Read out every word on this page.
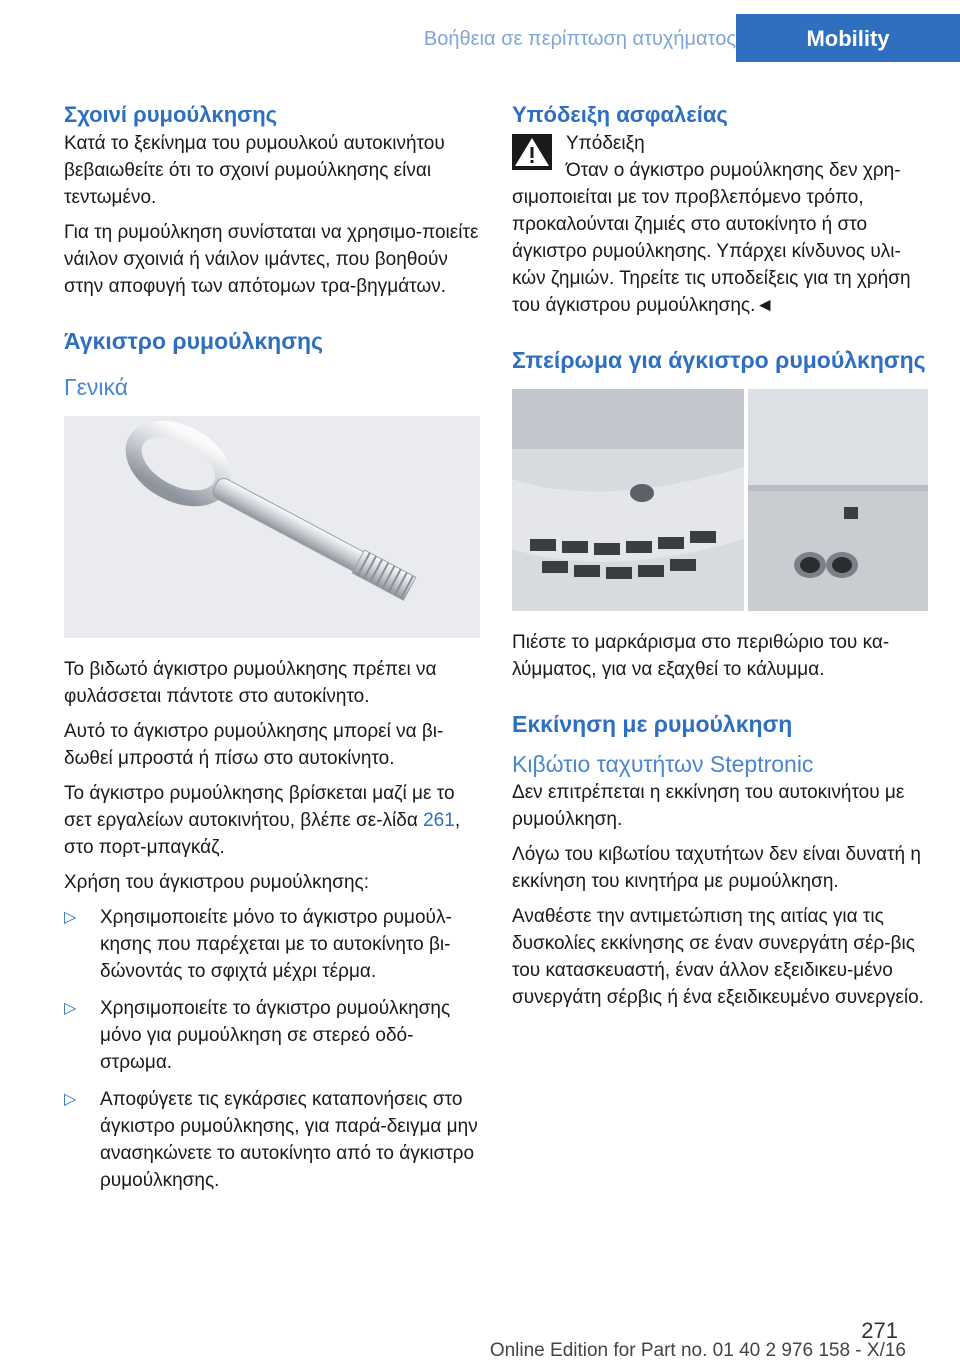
Βοήθεια σε περίπτωση ατυχήματος	Mobility
Σχοινί ρυμούλκησης

Κατά το ξεκίνημα του ρυμουλκού αυτοκινήτου βεβαιωθείτε ότι το σχοινί ρυμούλκησης είναι τεντωμένο.

Για τη ρυμούλκηση συνίσταται να χρησιμο-ποιείτε νάιλον σχοινιά ή νάιλον ιμάντες, που βοηθούν στην αποφυγή των απότομων τρα-βηγμάτων.

Άγκιστρο ρυμούλκησης
Γενικά

Το βιδωτό άγκιστρο ρυμούλκησης πρέπει να φυλάσσεται πάντοτε στο αυτοκίνητο.

Αυτό το άγκιστρο ρυμούλκησης μπορεί να βι-δωθεί μπροστά ή πίσω στο αυτοκίνητο.

Το άγκιστρο ρυμούλκησης βρίσκεται μαζί με το σετ εργαλείων αυτοκινήτου, βλέπε σε-λίδα 261, στο πορτ-μπαγκάζ.

Χρήση του άγκιστρου ρυμούλκησης:

▷ Χρησιμοποιείτε μόνο το άγκιστρο ρυμούλ-κησης που παρέχεται με το αυτοκίνητο βι-δώνοντάς το σφιχτά μέχρι τέρμα.
▷ Χρησιμοποιείτε το άγκιστρο ρυμούλκησης μόνο για ρυμούλκηση σε στερεό οδό-στρωμα.
▷ Αποφύγετε τις εγκάρσιες καταπονήσεις στο άγκιστρο ρυμούλκησης, για παρά-δειγμα μην ανασηκώνετε το αυτοκίνητο από το άγκιστρο ρυμούλκησης.
Υπόδειξη ασφαλείας

Υπόδειξη

Όταν ο άγκιστρο ρυμούλκησης δεν χρη-σιμοποιείται με τον προβλεπόμενο τρόπο, προκαλούνται ζημιές στο αυτοκίνητο ή στο άγκιστρο ρυμούλκησης. Υπάρχει κίνδυνος υλι-κών ζημιών. Τηρείτε τις υποδείξεις για τη χρήση του άγκιστρου ρυμούλκησης.◄

Σπείρωμα για άγκιστρο ρυμούλκησης

Πιέστε το μαρκάρισμα στο περιθώριο του κα-λύμματος, για να εξαχθεί το κάλυμμα.

Εκκίνηση με ρυμούλκηση
Κιβώτιο ταχυτήτων Steptronic

Δεν επιτρέπεται η εκκίνηση του αυτοκινήτου με ρυμούλκηση.

Λόγω του κιβωτίου ταχυτήτων δεν είναι δυνατή η εκκίνηση του κινητήρα με ρυμούλκηση.

Αναθέστε την αντιμετώπιση της αιτίας για τις δυσκολίες εκκίνησης σε έναν συνεργάτη σέρ-βις του κατασκευαστή, έναν άλλον εξειδικευ-μένο συνεργάτη σέρβις ή ένα εξειδικευμένο συνεργείο.

271
Online Edition for Part no. 01 40 2 976 158 - X/16
